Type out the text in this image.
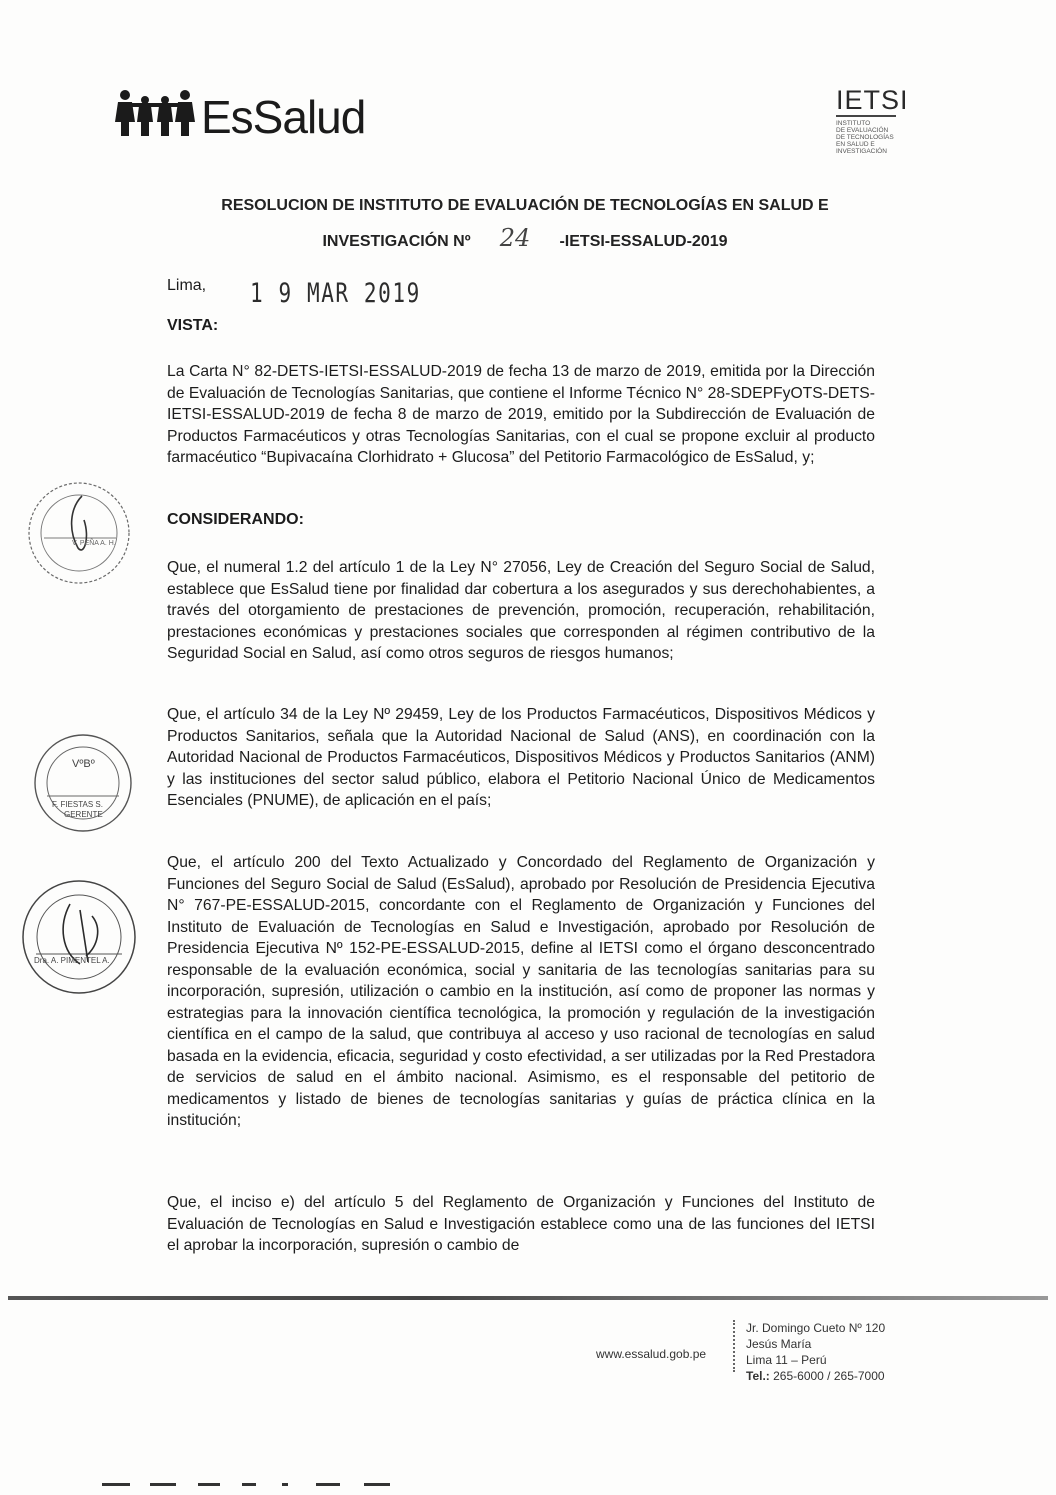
EsSalud	IETSI
INSTITUTO
DE EVALUACIÓN
DE TECNOLOGÍAS
EN SALUD E
INVESTIGACIÓN
RESOLUCION DE INSTITUTO DE EVALUACIÓN DE TECNOLOGÍAS EN SALUD E
INVESTIGACIÓN Nº 24 -IETSI-ESSALUD-2019
Lima, 1 9 MAR 2019
VISTA:

La Carta N° 82-DETS-IETSI-ESSALUD-2019 de fecha 13 de marzo de 2019, emitida por la Dirección de Evaluación de Tecnologías Sanitarias, que contiene el Informe Técnico N° 28-SDEPFyOTS-DETS-IETSI-ESSALUD-2019 de fecha 8 de marzo de 2019, emitido por la Subdirección de Evaluación de Productos Farmacéuticos y otras Tecnologías Sanitarias, con el cual se propone excluir al producto farmacéutico “Bupivacaína Clorhidrato + Glucosa” del Petitorio Farmacológico de EsSalud, y;

CONSIDERANDO:

Que, el numeral 1.2 del artículo 1 de la Ley N° 27056, Ley de Creación del Seguro Social de Salud, establece que EsSalud tiene por finalidad dar cobertura a los asegurados y sus derechohabientes, a través del otorgamiento de prestaciones de prevención, promoción, recuperación, rehabilitación, prestaciones económicas y prestaciones sociales que corresponden al régimen contributivo de la Seguridad Social en Salud, así como otros seguros de riesgos humanos;

Que, el artículo 34 de la Ley Nº 29459, Ley de los Productos Farmacéuticos, Dispositivos Médicos y Productos Sanitarios, señala que la Autoridad Nacional de Salud (ANS), en coordinación con la Autoridad Nacional de Productos Farmacéuticos, Dispositivos Médicos y Productos Sanitarios (ANM) y las instituciones del sector salud público, elabora el Petitorio Nacional Único de Medicamentos Esenciales (PNUME), de aplicación en el país;

Que, el artículo 200 del Texto Actualizado y Concordado del Reglamento de Organización y Funciones del Seguro Social de Salud (EsSalud), aprobado por Resolución de Presidencia Ejecutiva N° 767-PE-ESSALUD-2015, concordante con el Reglamento de Organización y Funciones del Instituto de Evaluación de Tecnologías en Salud e Investigación, aprobado por Resolución de Presidencia Ejecutiva Nº 152-PE-ESSALUD-2015, define al IETSI como el órgano desconcentrado responsable de la evaluación económica, social y sanitaria de las tecnologías sanitarias para su incorporación, supresión, utilización o cambio en la institución, así como de proponer las normas y estrategias para la innovación científica tecnológica, la promoción y regulación de la investigación científica en el campo de la salud, que contribuya al acceso y uso racional de tecnologías en salud basada en la evidencia, eficacia, seguridad y costo efectividad, a ser utilizadas por la Red Prestadora de servicios de salud en el ámbito nacional. Asimismo, es el responsable del petitorio de medicamentos y listado de bienes de tecnologías sanitarias y guías de práctica clínica en la institución;

Que, el inciso e) del artículo 5 del Reglamento de Organización y Funciones del Instituto de Evaluación de Tecnologías en Salud e Investigación establece como una de las funciones del IETSI el aprobar la incorporación, supresión o cambio de

V. PEÑA A. H.
VºBº
F. FIESTAS S.
GERENTE
Dra. A. PIMENTEL A.
www.essalud.gob.pe
Jr. Domingo Cueto Nº 120
Jesús María
Lima 11 – Perú
Tel.: 265-6000 / 265-7000
